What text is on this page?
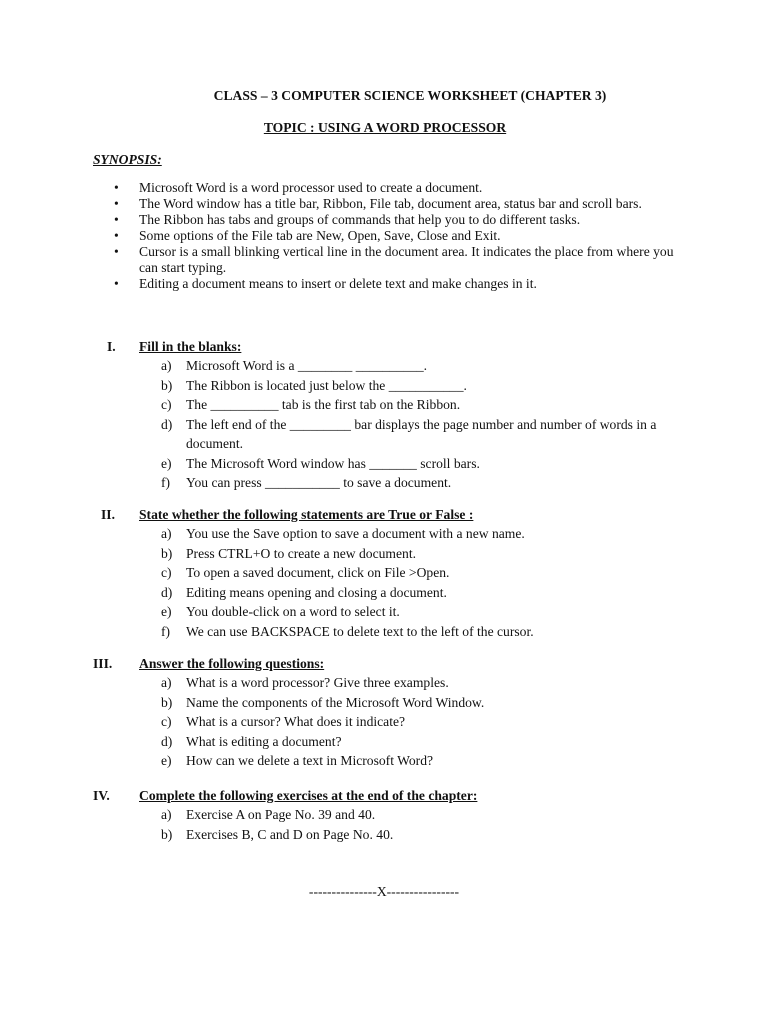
CLASS – 3 COMPUTER SCIENCE WORKSHEET (CHAPTER 3)
TOPIC : USING A WORD PROCESSOR
SYNOPSIS:
• Microsoft Word is a word processor used to create a document.
• The Word window has a title bar, Ribbon, File tab, document area, status bar and scroll bars.
• The Ribbon has tabs and groups of commands that help you to do different tasks.
• Some options of the File tab are New, Open, Save, Close and Exit.
• Cursor is a small blinking vertical line in the document area. It indicates the place from where you can start typing.
• Editing a document means to insert or delete text and make changes in it.
I.	Fill in the blanks:
a) Microsoft Word is a ________ __________.
b) The Ribbon is located just below the ___________.
c) The __________ tab is the first tab on the Ribbon.
d) The left end of the _________ bar displays the page number and number of words in a document.
e) The Microsoft Word window has _______ scroll bars.
f) You can press ___________ to save a document.
II.	State whether the following statements are True or False :
a) You use the Save option to save a document with a new name.
b) Press CTRL+O to create a new document.
c) To open a saved document, click on File >Open.
d) Editing means opening and closing a document.
e) You double-click on a word to select it.
f) We can use BACKSPACE to delete text to the left of the cursor.
III.	Answer the following questions:
a) What is a word processor? Give three examples.
b) Name the components of the Microsoft Word Window.
c) What is a cursor? What does it indicate?
d) What is editing a document?
e) How can we delete a text in Microsoft Word?
IV.	Complete the following exercises at the end of the chapter:
a) Exercise A on Page No. 39 and 40.
b) Exercises B, C and D on Page No. 40.
---------------X----------------
